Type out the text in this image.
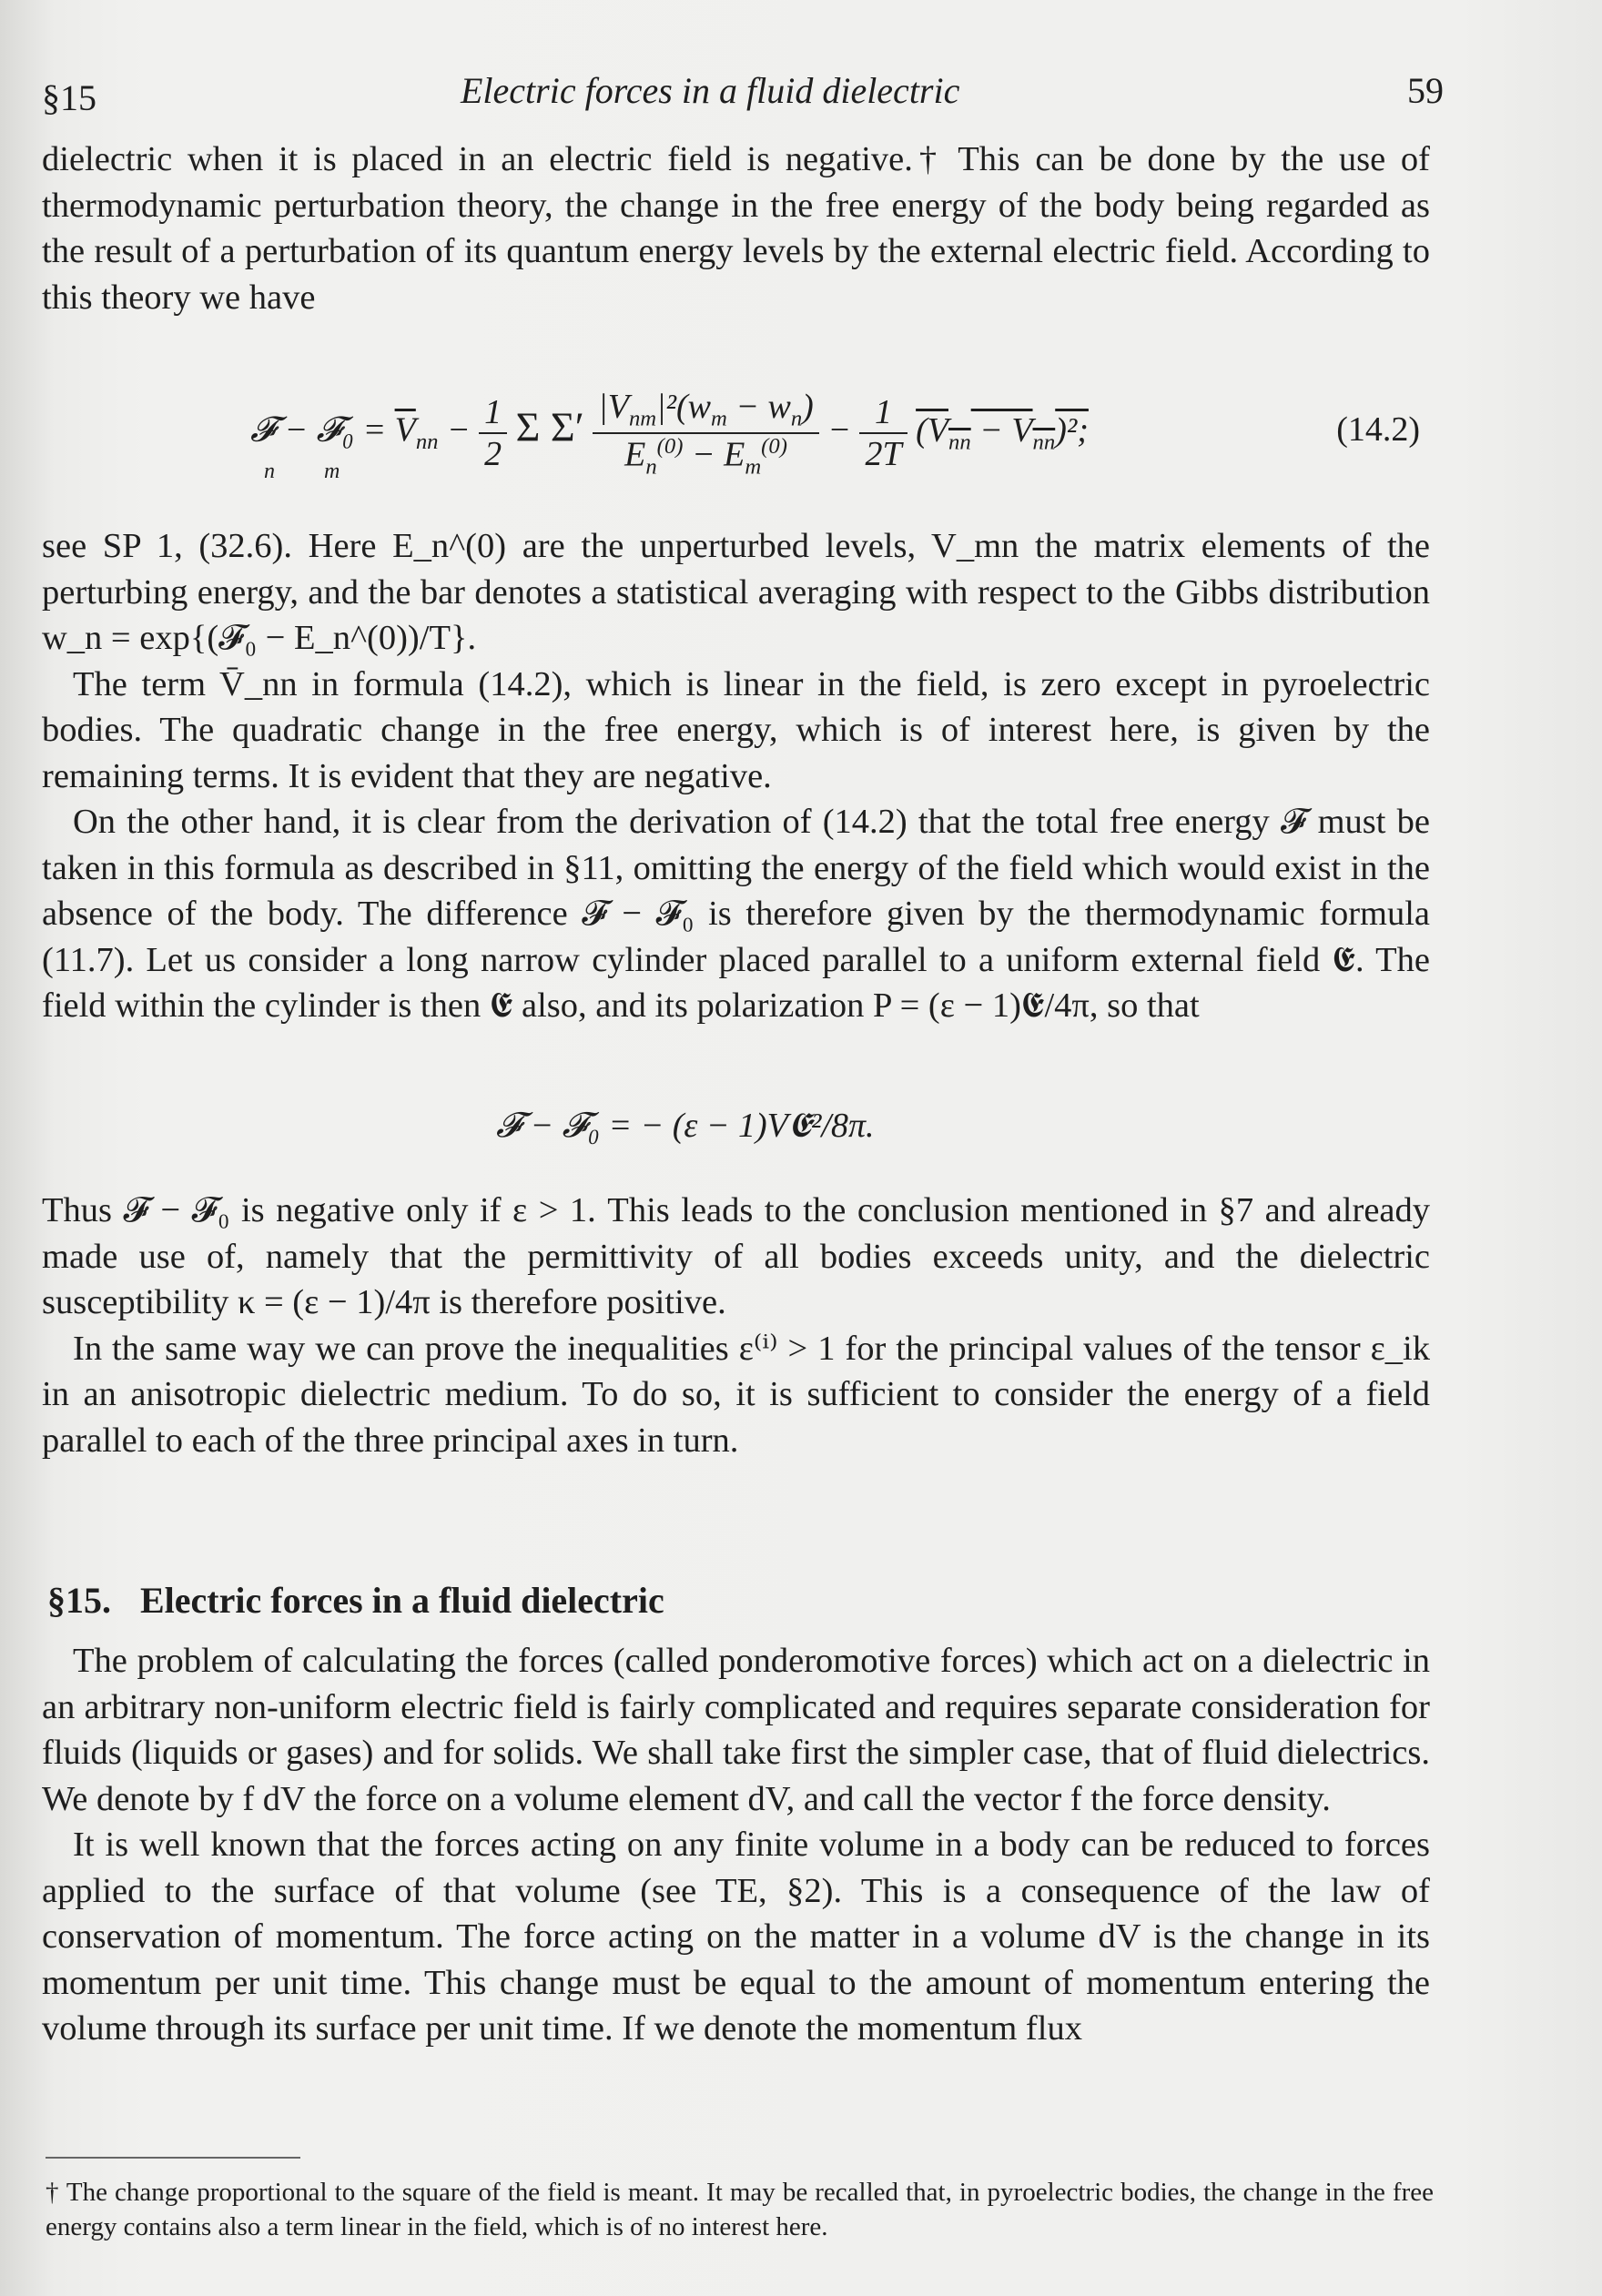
§15	Electric forces in a fluid dielectric	59

dielectric when it is placed in an electric field is negative.† This can be done by the use of thermodynamic perturbation theory, the change in the free energy of the body being regarded as the result of a perturbation of its quantum energy levels by the external electric field. According to this theory we have

𝓕 − 𝓕₀ = $\overline{V}_{nn} - \frac{1}{2}$ Σ $\Sigma' \frac{|V_{nm}|^2(w_m - w_n)}{E_n^{(0)} - E_m^{(0)}} - \frac{1}{2T} (V_{nn} - V_{nn})^2$;
n m
(14.2)

see SP 1, (32.6). Here E_n^(0) are the unperturbed levels, V_mn the matrix elements of the perturbing energy, and the bar denotes a statistical averaging with respect to the Gibbs distribution w_n = exp{(𝓕₀ − E_n^(0))/T}.

The term V̄_nn in formula (14.2), which is linear in the field, is zero except in pyroelectric bodies. The quadratic change in the free energy, which is of interest here, is given by the remaining terms. It is evident that they are negative.

On the other hand, it is clear from the derivation of (14.2) that the total free energy 𝓕 must be taken in this formula as described in §11, omitting the energy of the field which would exist in the absence of the body. The difference 𝓕 − 𝓕₀ is therefore given by the thermodynamic formula (11.7). Let us consider a long narrow cylinder placed parallel to a uniform external field 𝕰. The field within the cylinder is then 𝕰 also, and its polarization P = (ε − 1)𝕰/4π, so that

𝓕 − 𝓕₀ = − (ε − 1)V𝕰²/8π.

Thus 𝓕 − 𝓕₀ is negative only if ε > 1. This leads to the conclusion mentioned in §7 and already made use of, namely that the permittivity of all bodies exceeds unity, and the dielectric susceptibility κ = (ε − 1)/4π is therefore positive.

In the same way we can prove the inequalities ε⁽ⁱ⁾ > 1 for the principal values of the tensor ε_ik in an anisotropic dielectric medium. To do so, it is sufficient to consider the energy of a field parallel to each of the three principal axes in turn.

§15. Electric forces in a fluid dielectric

The problem of calculating the forces (called ponderomotive forces) which act on a dielectric in an arbitrary non-uniform electric field is fairly complicated and requires separate consideration for fluids (liquids or gases) and for solids. We shall take first the simpler case, that of fluid dielectrics. We denote by f dV the force on a volume element dV, and call the vector f the force density.

It is well known that the forces acting on any finite volume in a body can be reduced to forces applied to the surface of that volume (see TE, §2). This is a consequence of the law of conservation of momentum. The force acting on the matter in a volume dV is the change in its momentum per unit time. This change must be equal to the amount of momentum entering the volume through its surface per unit time. If we denote the momentum flux

† The change proportional to the square of the field is meant. It may be recalled that, in pyroelectric bodies, the change in the free energy contains also a term linear in the field, which is of no interest here.
